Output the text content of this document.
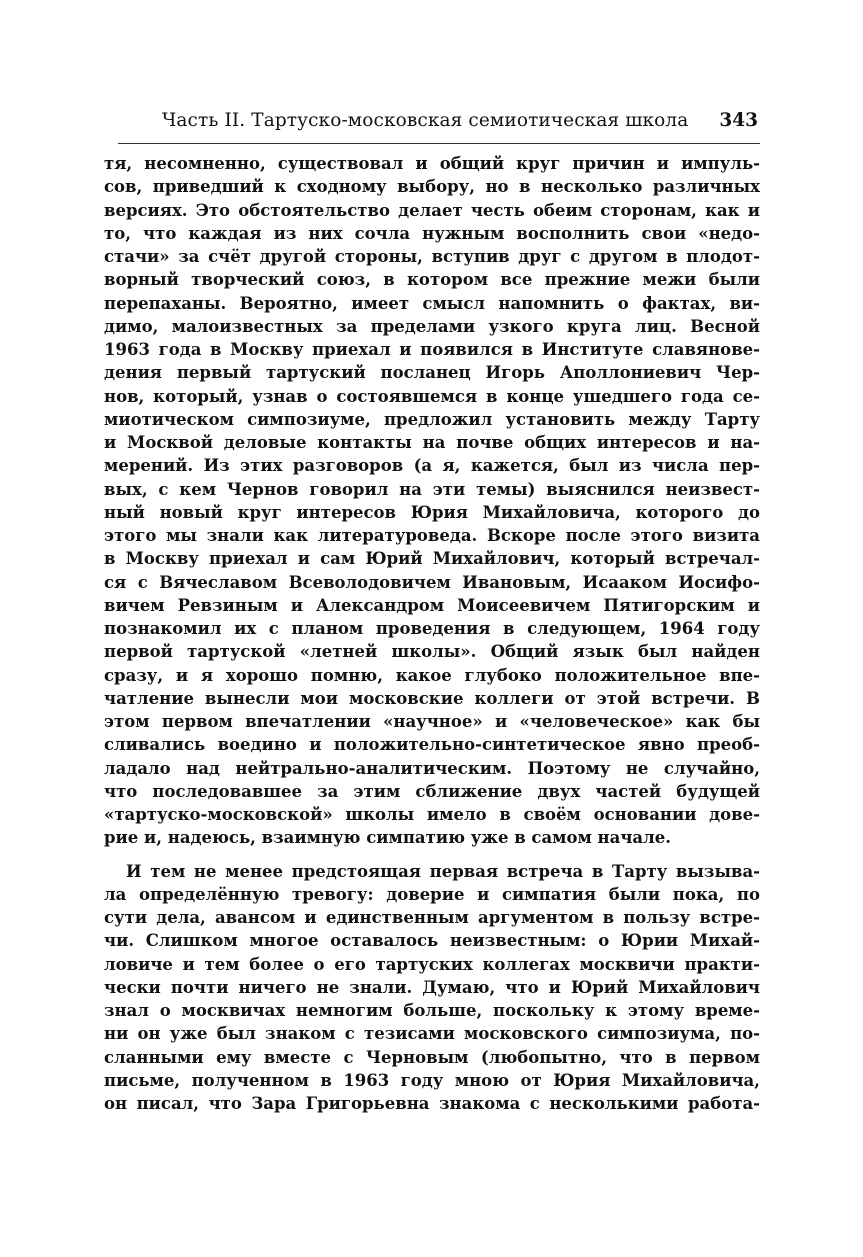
Часть II. Тартуско-московская семиотическая школа 343
тя, несомненно, существовал и общий круг причин и импуль-
сов, приведший к сходному выбору, но в несколько различных
версиях. Это обстоятельство делает честь обеим сторонам, как и
то, что каждая из них сочла нужным восполнить свои «недо-
стачи» за счёт другой стороны, вступив друг с другом в плодот-
ворный творческий союз, в котором все прежние межи были
перепаханы. Вероятно, имеет смысл напомнить о фактах, ви-
димо, малоизвестных за пределами узкого круга лиц. Весной
1963 года в Москву приехал и появился в Институте славянове-
дения первый тартуский посланец Игорь Аполлониевич Чер-
нов, который, узнав о состоявшемся в конце ушедшего года се-
миотическом симпозиуме, предложил установить между Тарту
и Москвой деловые контакты на почве общих интересов и на-
мерений. Из этих разговоров (а я, кажется, был из числа пер-
вых, с кем Чернов говорил на эти темы) выяснился неизвест-
ный новый круг интересов Юрия Михайловича, которого до
этого мы знали как литературоведа. Вскоре после этого визита
в Москву приехал и сам Юрий Михайлович, который встречал-
ся с Вячеславом Всеволодовичем Ивановым, Исааком Иосифо-
вичем Ревзиным и Александром Моисеевичем Пятигорским и
познакомил их с планом проведения в следующем, 1964 году
первой тартуской «летней школы». Общий язык был найден
сразу, и я хорошо помню, какое глубоко положительное впе-
чатление вынесли мои московские коллеги от этой встречи. В
этом первом впечатлении «научное» и «человеческое» как бы
сливались воедино и положительно-синтетическое явно преоб-
ладало над нейтрально-аналитическим. Поэтому не случайно,
что последовавшее за этим сближение двух частей будущей
«тартуско-московской» школы имело в своём основании дове-
рие и, надеюсь, взаимную симпатию уже в самом начале.
И тем не менее предстоящая первая встреча в Тарту вызыва-
ла определённую тревогу: доверие и симпатия были пока, по
сути дела, авансом и единственным аргументом в пользу встре-
чи. Слишком многое оставалось неизвестным: о Юрии Михай-
ловиче и тем более о его тартуских коллегах москвичи практи-
чески почти ничего не знали. Думаю, что и Юрий Михайлович
знал о москвичах немногим больше, поскольку к этому време-
ни он уже был знаком с тезисами московского симпозиума, по-
сланными ему вместе с Черновым (любопытно, что в первом
письме, полученном в 1963 году мною от Юрия Михайловича,
он писал, что Зара Григорьевна знакома с несколькими работа-
